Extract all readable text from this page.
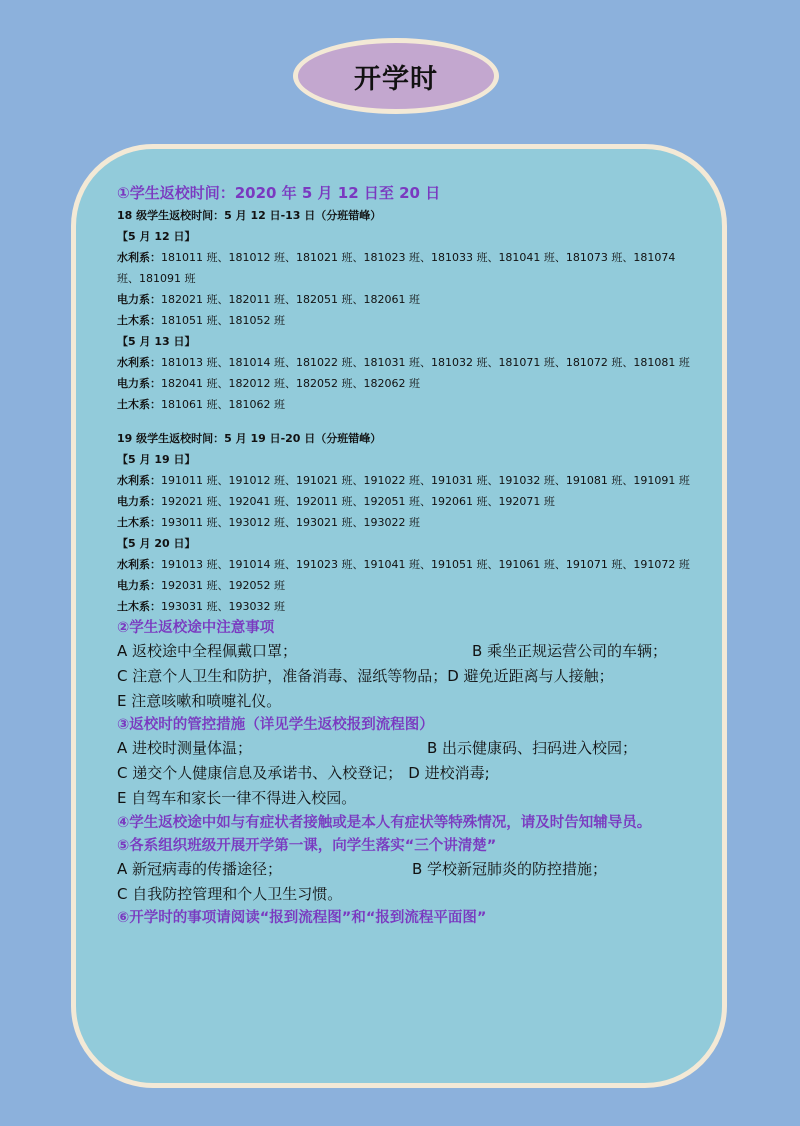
开学时
①学生返校时间：2020 年 5 月 12 日至 20 日
18 级学生返校时间：5 月 12 日-13 日（分班错峰）
【5 月 12 日】
水利系：181011 班、181012 班、181021 班、181023 班、181033 班、181041 班、181073 班、181074 班、181091 班
电力系：182021 班、182011 班、182051 班、182061 班
土木系：181051 班、181052 班
【5 月 13 日】
水利系：181013 班、181014 班、181022 班、181031 班、181032 班、181071 班、181072 班、181081 班
电力系：182041 班、182012 班、182052 班、182062 班
土木系：181061 班、181062 班
19 级学生返校时间：5 月 19 日-20 日（分班错峰）
【5 月 19 日】
水利系：191011 班、191012 班、191021 班、191022 班、191031 班、191032 班、191081 班、191091 班
电力系：192021 班、192041 班、192011 班、192051 班、192061 班、192071 班
土木系：193011 班、193012 班、193021 班、193022 班
【5 月 20 日】
水利系：191013 班、191014 班、191023 班、191041 班、191051 班、191061 班、191071 班、191072 班
电力系：192031 班、192052 班
土木系：193031 班、193032 班
②学生返校途中注意事项
A 返校途中全程佩戴口罩；	B 乘坐正规运营公司的车辆；
C 注意个人卫生和防护，准备消毒、湿纸等物品；D 避免近距离与人接触；
E 注意咳嗽和喷嚏礼仪。
③返校时的管控措施（详见学生返校报到流程图）
A 进校时测量体温；	B 出示健康码、扫码进入校园；
C 递交个人健康信息及承诺书、入校登记； D 进校消毒;
E 自驾车和家长一律不得进入校园。
④学生返校途中如与有症状者接触或是本人有症状等特殊情况，请及时告知辅导员。
⑤各系组织班级开展开学第一课，向学生落实“三个讲清楚”
A 新冠病毒的传播途径；	B 学校新冠肺炎的防控措施；
C 自我防控管理和个人卫生习惯。
⑥开学时的事项请阅读“报到流程图”和“报到流程平面图”
